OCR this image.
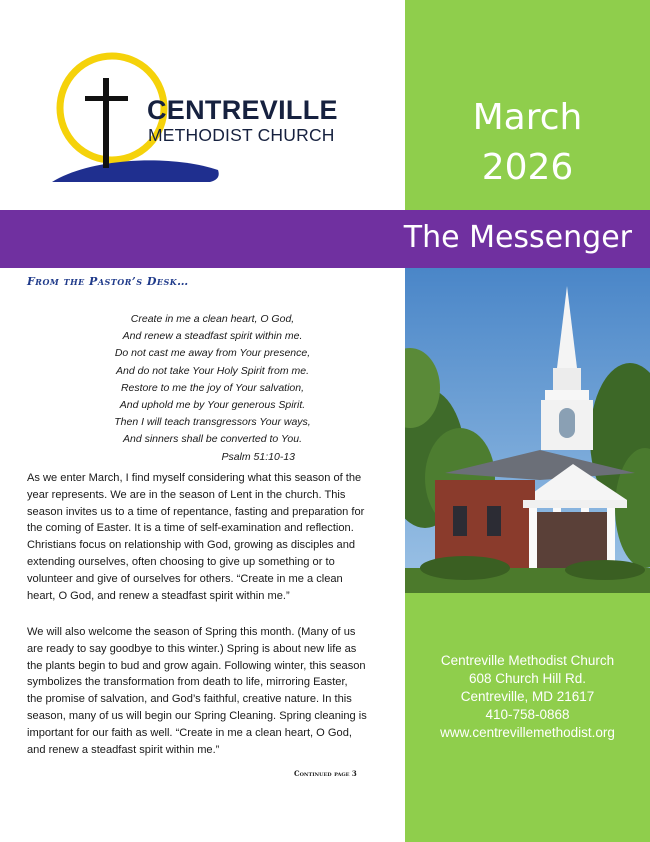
CENTREVILLE
METHODIST CHURCH	March
2026
The Messenger
Centreville Methodist Church
608 Church Hill Rd.
Centreville, MD 21617
410-758-0868
www.centrevillemethodist.org
From the Pastor’s Desk…
Create in me a clean heart, O God,
And renew a steadfast spirit within me.
Do not cast me away from Your presence,
And do not take Your Holy Spirit from me.
Restore to me the joy of Your salvation,
And uphold me by Your generous Spirit.
Then I will teach transgressors Your ways,
And sinners shall be converted to You.
Psalm 51:10-13
As we enter March, I find myself considering what this season of the
year represents. We are in the season of Lent in the church. This
season invites us to a time of repentance, fasting and preparation for
the coming of Easter. It is a time of self-examination and reflection.
Christians focus on relationship with God, growing as disciples and
extending ourselves, often choosing to give up something or to
volunteer and give of ourselves for others. “Create in me a clean
heart, O God, and renew a steadfast spirit within me.”
We will also welcome the season of Spring this month. (Many of us
are ready to say goodbye to this winter.) Spring is about new life as
the plants begin to bud and grow again. Following winter, this season
symbolizes the transformation from death to life, mirroring Easter,
the promise of salvation, and God’s faithful, creative nature. In this
season, many of us will begin our Spring Cleaning. Spring cleaning is
important for our faith as well. “Create in me a clean heart, O God,
and renew a steadfast spirit within me.”
Continued page 3
